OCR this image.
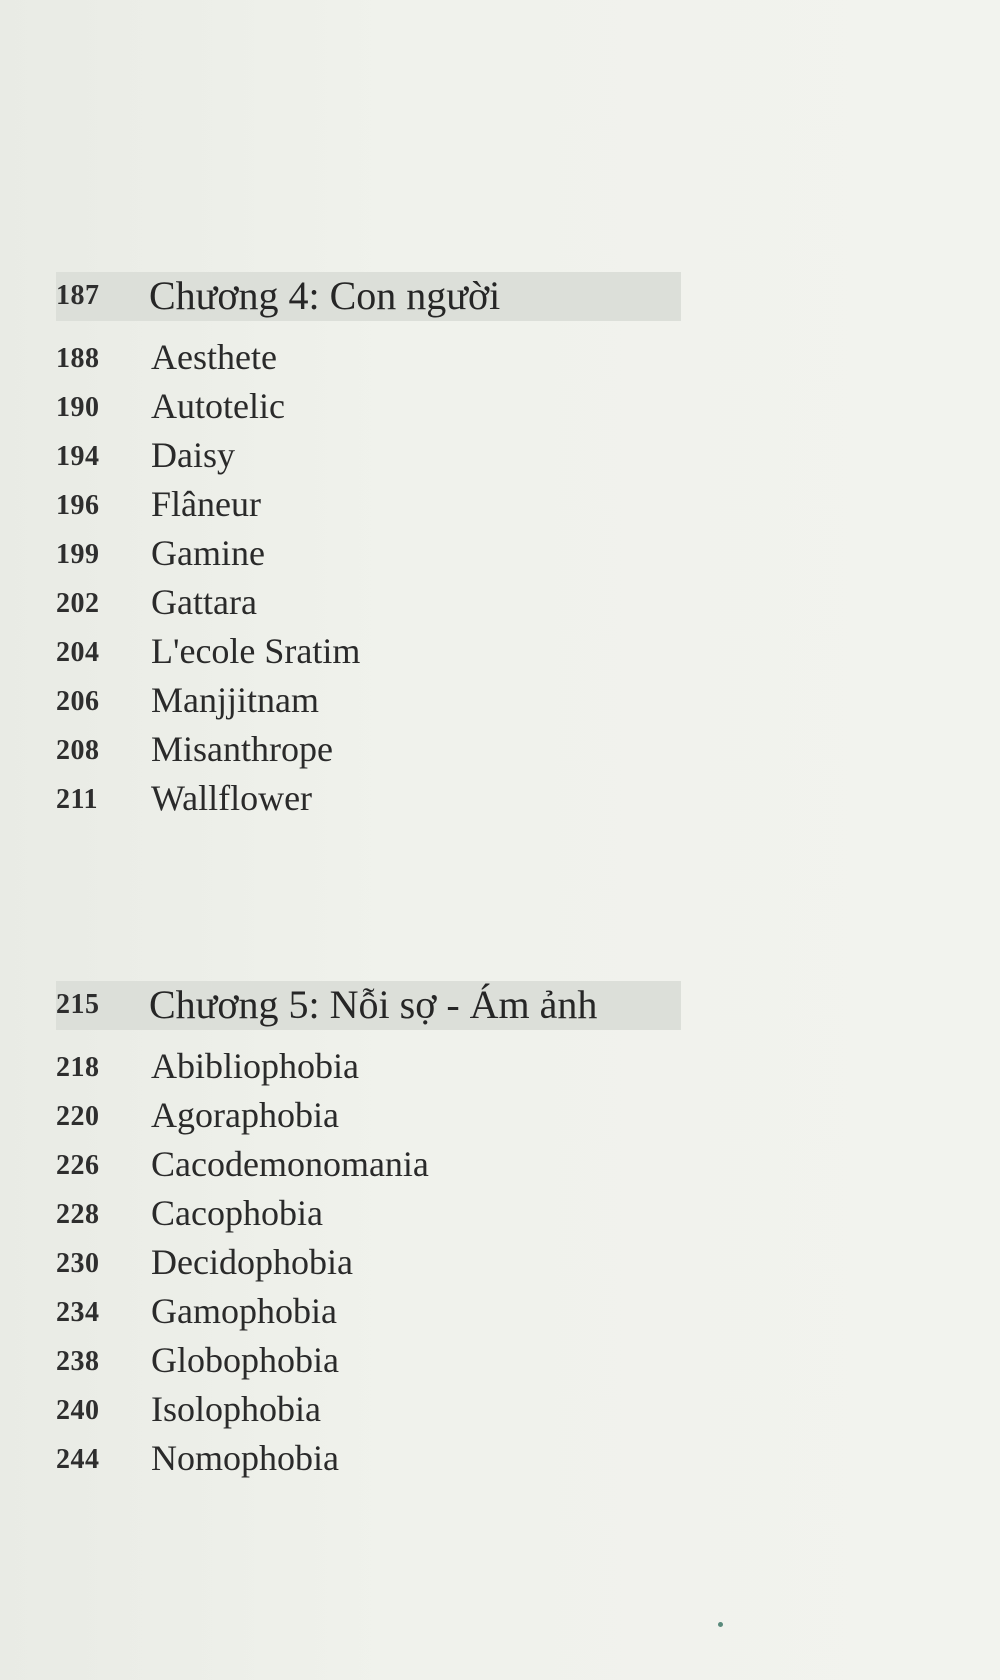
187 Chương 4: Con người
188 Aesthete
190 Autotelic
194 Daisy
196 Flâneur
199 Gamine
202 Gattara
204 L'ecole Sratim
206 Manjjitnam
208 Misanthrope
211 Wallflower
215 Chương 5: Nỗi sợ - Ám ảnh
218 Abibliophobia
220 Agoraphobia
226 Cacodemonomania
228 Cacophobia
230 Decidophobia
234 Gamophobia
238 Globophobia
240 Isolophobia
244 Nomophobia
